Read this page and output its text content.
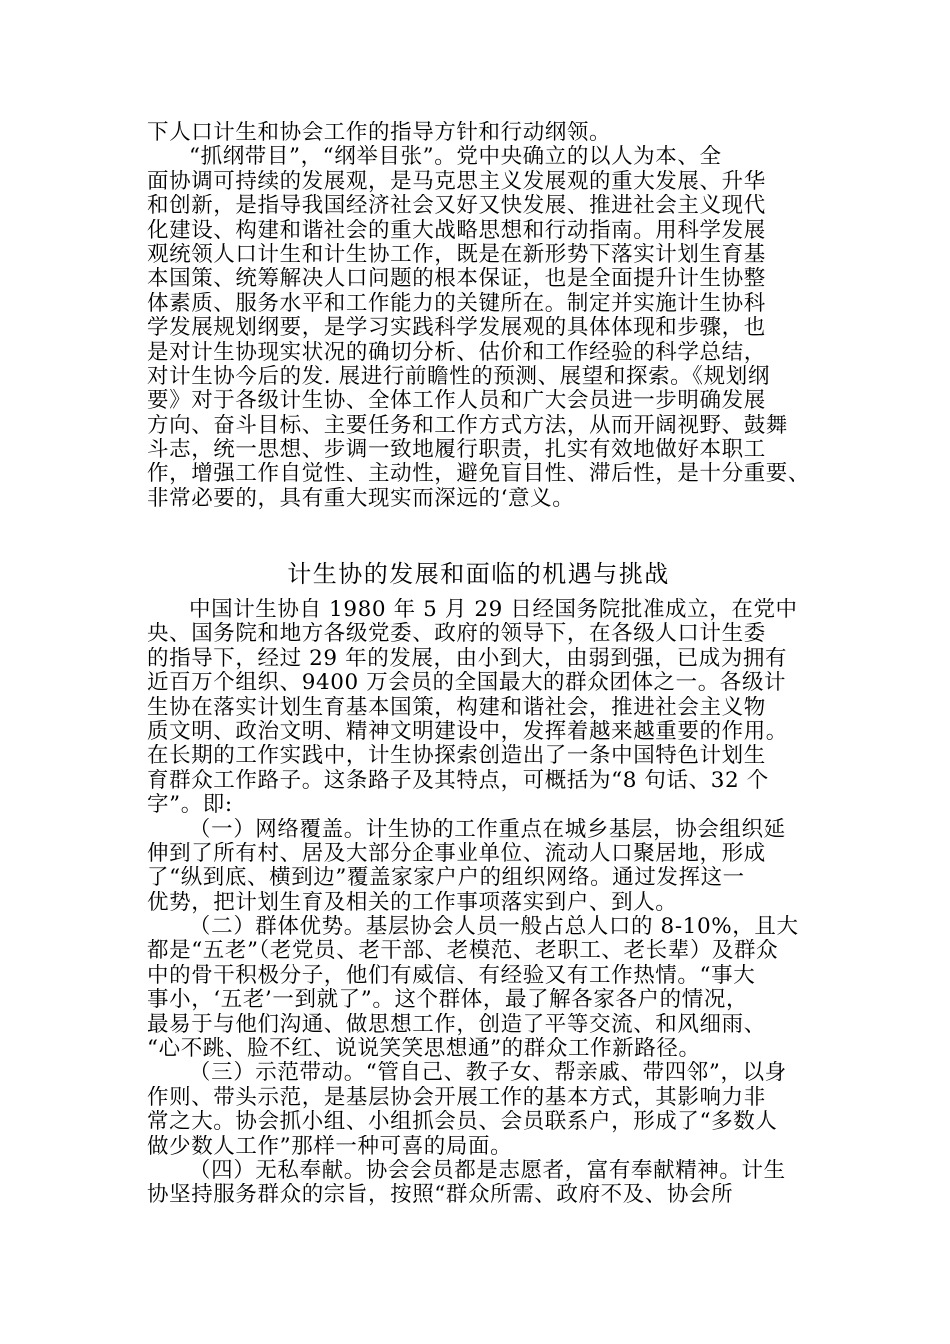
下人口计生和协会工作的指导方针和行动纲领。
“抓纲带目”，“纲举目张”。党中央确立的以人为本、全
面协调可持续的发展观，是马克思主义发展观的重大发展、升华
和创新，是指导我国经济社会又好又快发展、推进社会主义现代
化建设、构建和谐社会的重大战略思想和行动指南。用科学发展
观统领人口计生和计生协工作，既是在新形势下落实计划生育基
本国策、统筹解决人口问题的根本保证，也是全面提升计生协整
体素质、服务水平和工作能力的关键所在。制定并实施计生协科
学发展规划纲要，是学习实践科学发展观的具体体现和步骤，也
是对计生协现实状况的确切分析、估价和工作经验的科学总结，
对计生协今后的发. 展进行前瞻性的预测、展望和探索。《规划纲
要》对于各级计生协、全体工作人员和广大会员进一步明确发展
方向、奋斗目标、主要任务和工作方式方法，从而开阔视野、鼓舞
斗志，统一思想、步调一致地履行职责，扎实有效地做好本职工
作，增强工作自觉性、主动性，避免盲目性、滞后性，是十分重要、
非常必要的，具有重大现实而深远的‘意义。
计生协的发展和面临的机遇与挑战
中国计生协自 1980 年 5 月 29 日经国务院批准成立，在党中
央、国务院和地方各级党委、政府的领导下，在各级人口计生委
的指导下，经过 29 年的发展，由小到大，由弱到强，已成为拥有
近百万个组织、9400 万会员的全国最大的群众团体之一。各级计
生协在落实计划生育基本国策，构建和谐社会，推进社会主义物
质文明、政治文明、精神文明建设中，发挥着越来越重要的作用。
在长期的工作实践中，计生协探索创造出了一条中国特色计划生
育群众工作路子。这条路子及其特点，可概括为“8 句话、32 个
字”。即:
（一）网络覆盖。计生协的工作重点在城乡基层，协会组织延
伸到了所有村、居及大部分企事业单位、流动人口聚居地，形成
了“纵到底、横到边”覆盖家家户户的组织网络。通过发挥这一
优势，把计划生育及相关的工作事项落实到户、到人。
（二）群体优势。基层协会人员一般占总人口的 8-10%，且大
都是“五老”（老党员、老干部、老模范、老职工、老长辈）及群众
中的骨干积极分子，他们有威信、有经验又有工作热情。“事大
事小，‘五老’一到就了”。这个群体，最了解各家各户的情况，
最易于与他们沟通、做思想工作，创造了平等交流、和风细雨、
“心不跳、脸不红、说说笑笑思想通”的群众工作新路径。
（三）示范带动。“管自己、教子女、帮亲戚、带四邻”，以身
作则、带头示范，是基层协会开展工作的基本方式，其影响力非
常之大。协会抓小组、小组抓会员、会员联系户，形成了“多数人
做少数人工作”那样一种可喜的局面。
（四）无私奉献。协会会员都是志愿者，富有奉献精神。计生
协坚持服务群众的宗旨，按照“群众所需、政府不及、协会所
